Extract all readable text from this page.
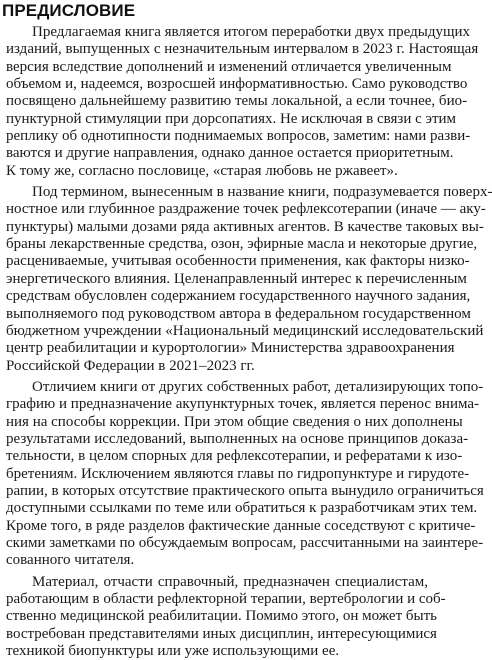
ПРЕДИСЛОВИЕ
Предлагаемая книга является итогом переработки двух предыдущих
изданий, выпущенных с незначительным интервалом в 2023 г. Настоящая
версия вследствие дополнений и изменений отличается увеличенным
объемом и, надеемся, возросшей информативностью. Само руководство
посвящено дальнейшему развитию темы локальной, а если точнее, био-
пунктурной стимуляции при дорсопатиях. Не исключая в связи с этим
реплику об однотипности поднимаемых вопросов, заметим: нами разви-
ваются и другие направления, однако данное остается приоритетным.
К тому же, согласно пословице, «старая любовь не ржавеет».
Под термином, вынесенным в название книги, подразумевается поверх-
ностное или глубинное раздражение точек рефлексотерапии (иначе — аку-
пунктуры) малыми дозами ряда активных агентов. В качестве таковых вы-
браны лекарственные средства, озон, эфирные масла и некоторые другие,
расцениваемые, учитывая особенности применения, как факторы низко-
энергетического влияния. Целенаправленный интерес к перечисленным
средствам обусловлен содержанием государственного научного задания,
выполняемого под руководством автора в федеральном государственном
бюджетном учреждении «Национальный медицинский исследовательский
центр реабилитации и курортологии» Министерства здравоохранения
Российской Федерации в 2021–2023 гг.
Отличием книги от других собственных работ, детализирующих топо-
графию и предназначение акупунктурных точек, является перенос внима-
ния на способы коррекции. При этом общие сведения о них дополнены
результатами исследований, выполненных на основе принципов доказа-
тельности, в целом спорных для рефлексотерапии, и рефератами к изо-
бретениям. Исключением являются главы по гидропунктуре и гирудоте-
рапии, в которых отсутствие практического опыта вынудило ограничиться
доступными ссылками по теме или обратиться к разработчикам этих тем.
Кроме того, в ряде разделов фактические данные соседствуют с критиче-
скими заметками по обсуждаемым вопросам, рассчитанными на заинтере-
сованного читателя.
Материал, отчасти справочный, предназначен специалистам,
работающим в области рефлекторной терапии, вертебрологии и соб-
ственно медицинской реабилитации. Помимо этого, он может быть
востребован представителями иных дисциплин, интересующимися
техникой биопунктуры или уже использующими ее.
